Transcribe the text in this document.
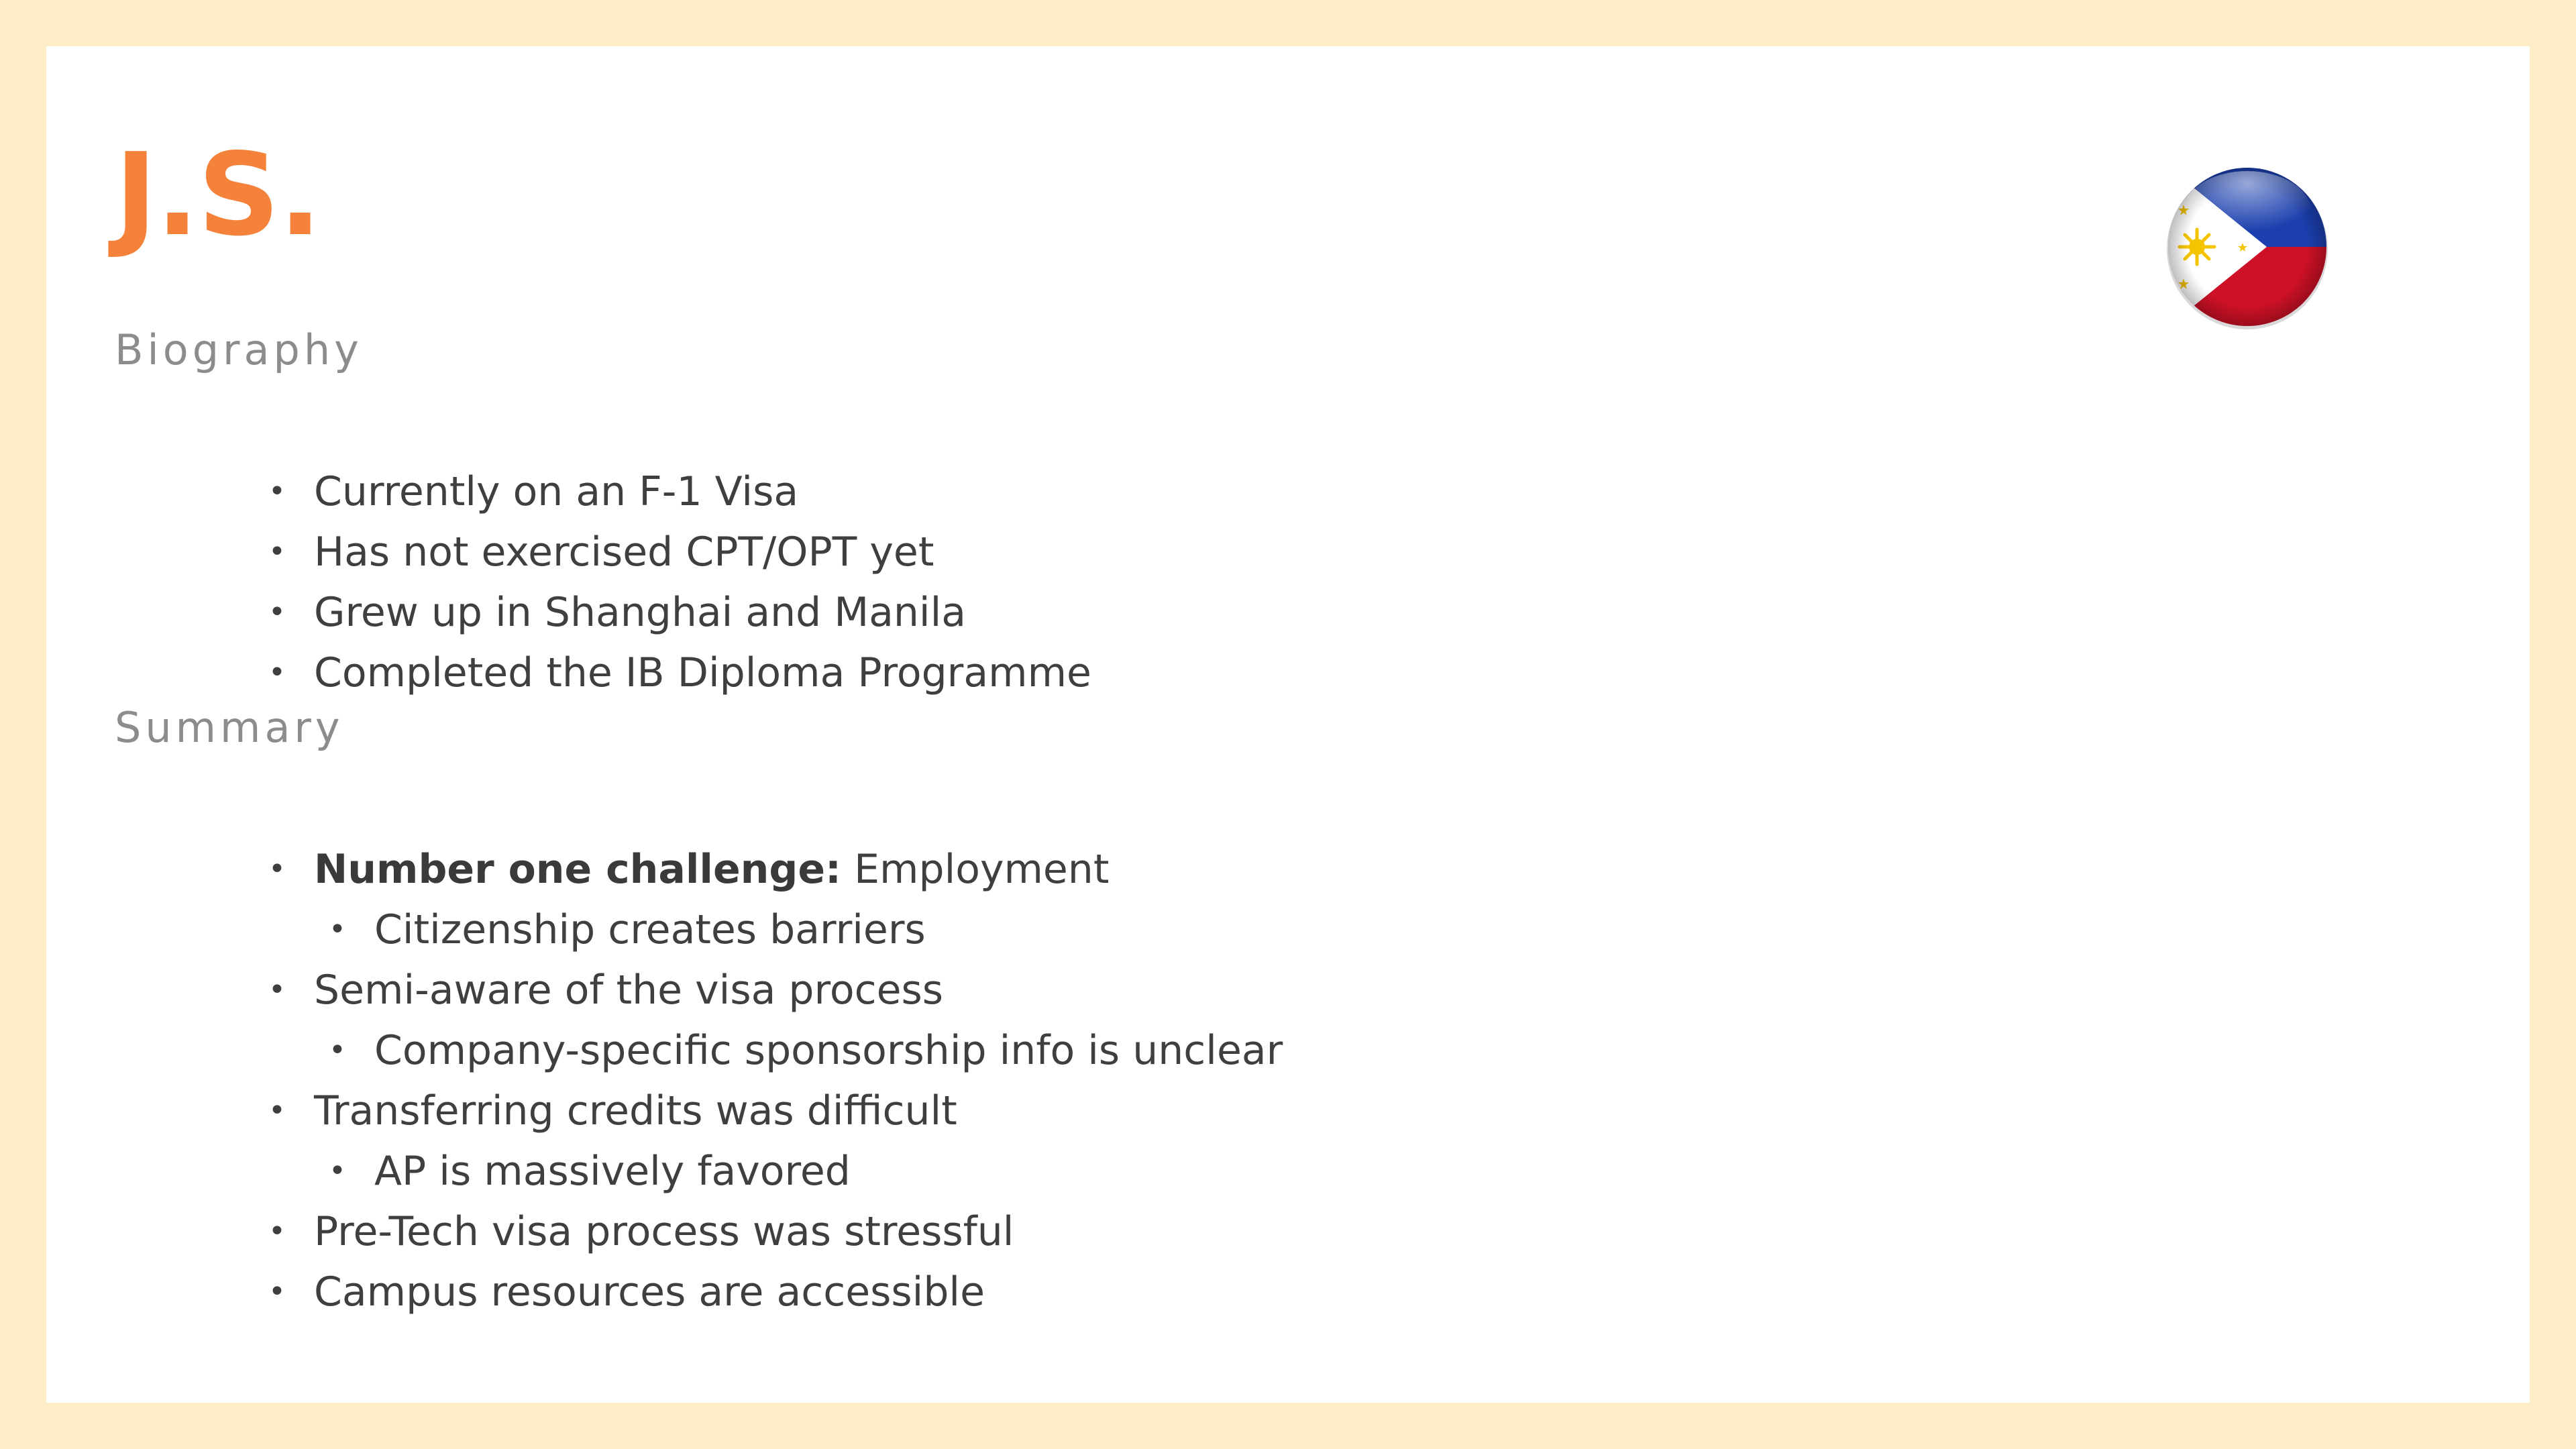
J.S.
Biography
• Currently on an F-1 Visa
• Has not exercised CPT/OPT yet
• Grew up in Shanghai and Manila
• Completed the IB Diploma Programme
Summary
• Number one challenge: Employment
• Citizenship creates barriers
• Semi-aware of the visa process
• Company-specific sponsorship info is unclear
• Transferring credits was difficult
• AP is massively favored
• Pre-Tech visa process was stressful
• Campus resources are accessible
